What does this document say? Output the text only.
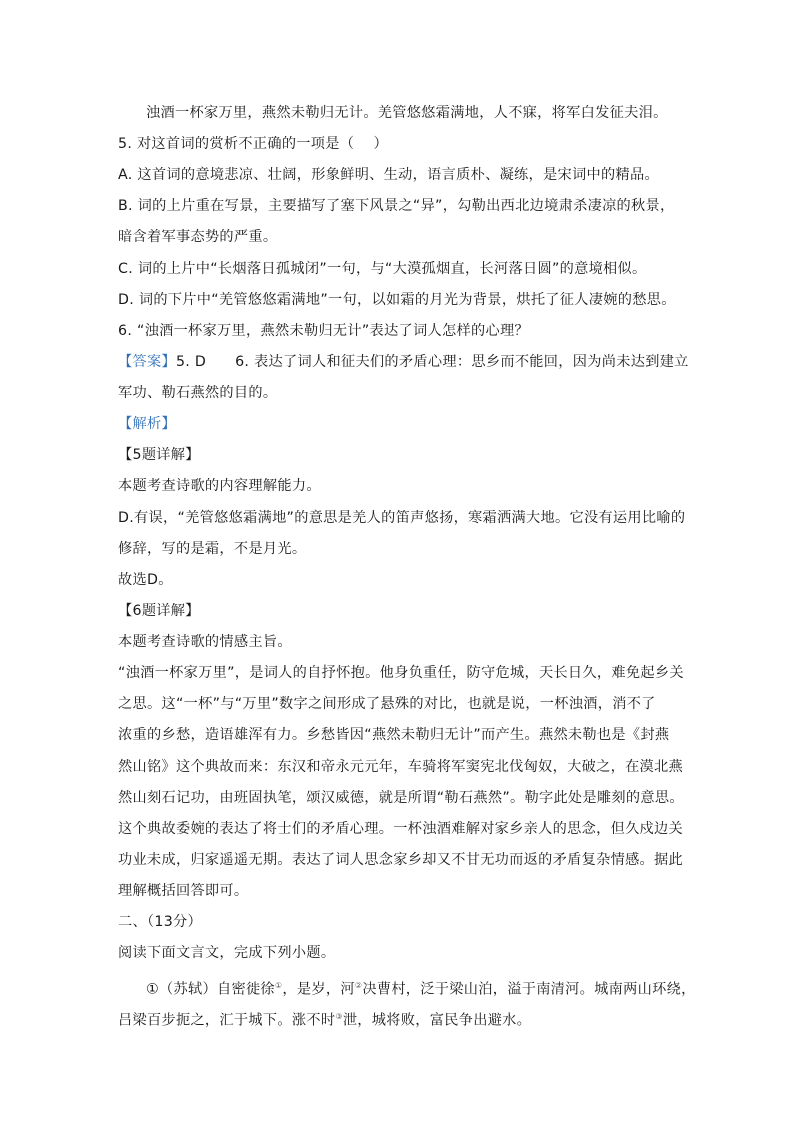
浊酒一杯家万里，燕然未勒归无计。羌管悠悠霜满地，人不寐，将军白发征夫泪。
5. 对这首词的赏析不正确的一项是（　 ）
A. 这首词的意境悲凉、壮阔，形象鲜明、生动，语言质朴、凝练，是宋词中的精品。
B. 词的上片重在写景，主要描写了塞下风景之“异”，勾勒出西北边境肃杀凄凉的秋景，
暗含着军事态势的严重。
C. 词的上片中“长烟落日孤城闭”一句，与“大漠孤烟直，长河落日圆”的意境相似。
D. 词的下片中“羌管悠悠霜满地”一句，以如霜的月光为背景，烘托了征人凄婉的愁思。
6. “浊酒一杯家万里，燕然未勒归无计”表达了词人怎样的心理？
【答案】5. D　　6. 表达了词人和征夫们的矛盾心理：思乡而不能回，因为尚未达到建立
军功、勒石燕然的目的。
【解析】
【5题详解】
本题考查诗歌的内容理解能力。
D.有误，“羌管悠悠霜满地”的意思是羌人的笛声悠扬，寒霜洒满大地。它没有运用比喻的
修辞，写的是霜，不是月光。
故选D。
【6题详解】
本题考查诗歌的情感主旨。
“浊酒一杯家万里”，是词人的自抒怀抱。他身负重任，防守危城，天长日久，难免起乡关
之思。这“一杯”与“万里”数字之间形成了悬殊的对比，也就是说，一杯浊酒，消不了
浓重的乡愁，造语雄浑有力。乡愁皆因“燕然未勒归无计”而产生。燕然未勒也是《封燕
然山铭》这个典故而来：东汉和帝永元元年，车骑将军窦宪北伐匈奴，大破之，在漠北燕
然山刻石记功，由班固执笔，颂汉威德，就是所谓“勒石燕然”。勒字此处是雕刻的意思。
这个典故委婉的表达了将士们的矛盾心理。一杯浊酒难解对家乡亲人的思念，但久戍边关
功业未成，归家遥遥无期。表达了词人思念家乡却又不甘无功而返的矛盾复杂情感。据此
理解概括回答即可。
二、（13分）
阅读下面文言文，完成下列小题。
①（苏轼）自密徙徐①，是岁，河②决曹村，泛于梁山泊，溢于南清河。城南两山环绕，
吕梁百步扼之，汇于城下。涨不时③泄，城将败，富民争出避水。
